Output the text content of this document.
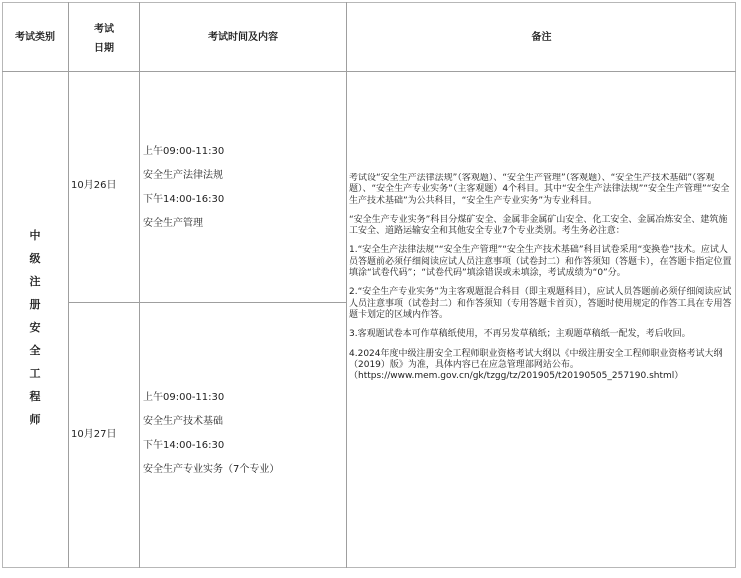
考试类别
考试
日期
考试时间及内容	备注
中
级
注
册
安
全
工
程
师
10月26日
上午09:00-11:30
安全生产法律法规
下午14:00-16:30
安全生产管理
10月27日
上午09:00-11:30
安全生产技术基础
下午14:00-16:30
安全生产专业实务（7个专业）

考试设“安全生产法律法规”（客观题）、“安全生产管理”（客观题）、“安全生产技术基础”（客观题）、“安全生产专业实务”（主客观题）4个科目。其中“安全生产法律法规”“安全生产管理”“安全生产技术基础”为公共科目，“安全生产专业实务”为专业科目。

“安全生产专业实务”科目分煤矿安全、金属非金属矿山安全、化工安全、金属冶炼安全、建筑施工安全、道路运输安全和其他安全专业7个专业类别。考生务必注意：

1.“安全生产法律法规”“安全生产管理”“安全生产技术基础”科目试卷采用“变换卷”技术。应试人员答题前必须仔细阅读应试人员注意事项（试卷封二）和作答须知（答题卡），在答题卡指定位置填涂“试卷代码”；“试卷代码”填涂错误或未填涂，考试成绩为“0”分。

2.“安全生产专业实务”为主客观题混合科目（即主观题科目），应试人员答题前必须仔细阅读应试人员注意事项（试卷封二）和作答须知（专用答题卡首页），答题时使用规定的作答工具在专用答题卡划定的区域内作答。

3.客观题试卷本可作草稿纸使用，不再另发草稿纸；主观题草稿纸一配发，考后收回。

4.2024年度中级注册安全工程师职业资格考试大纲以《中级注册安全工程师职业资格考试大纲（2019）版》为准，具体内容已在应急管理部网站公布。（https://www.mem.gov.cn/gk/tzgg/tz/201905/t20190505_257190.shtml）
